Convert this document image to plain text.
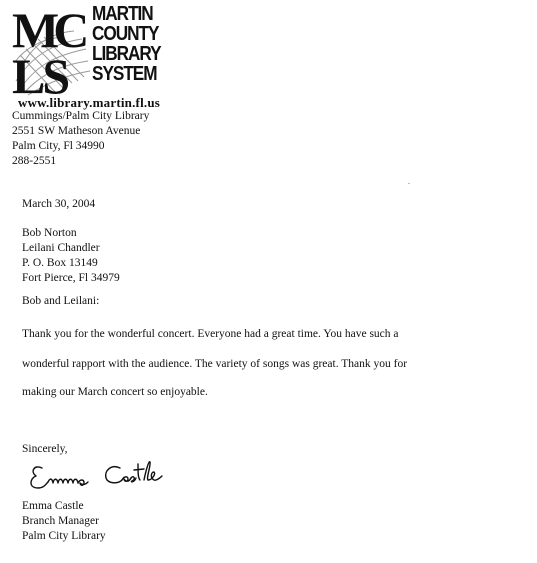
MC
LS
MARTIN
COUNTY
LIBRARY
SYSTEM
www.library.martin.fl.us
Cummings/Palm City Library
2551 SW Matheson Avenue
Palm City, Fl 34990
288-2551
March 30, 2004
Bob Norton
Leilani Chandler
P. O. Box 13149
Fort Pierce, Fl 34979
Bob and Leilani:
Thank you for the wonderful concert. Everyone had a great time. You have such a
wonderful rapport with the audience. The variety of songs was great. Thank you for
making our March concert so enjoyable.
Sincerely,
Emma Castle
Branch Manager
Palm City Library
